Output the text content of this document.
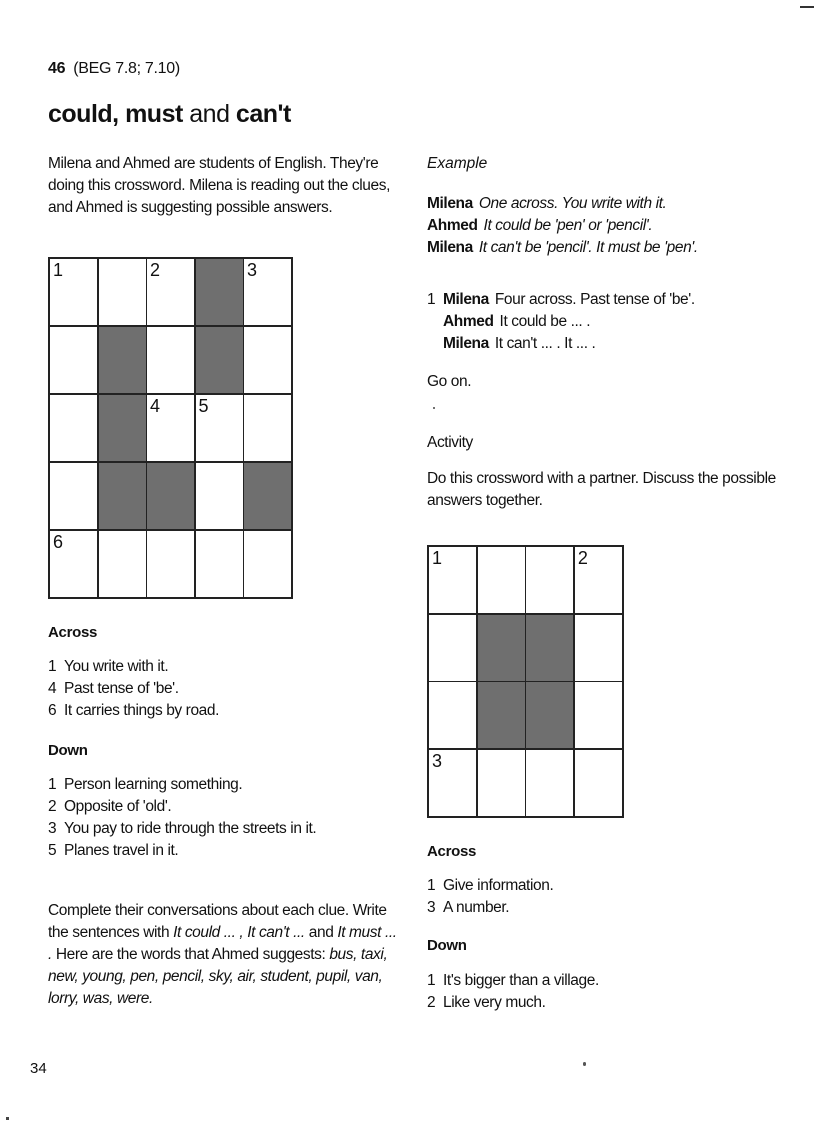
46 (BEG 7.8; 7.10)
could, must and can't
Milena and Ahmed are students of English. They're doing this crossword. Milena is reading out the clues, and Ahmed is suggesting possible answers.
1	2	3
4 5
6
Across
1 You write with it.
4 Past tense of 'be'.
6 It carries things by road.
Down
1 Person learning something.
2 Opposite of 'old'.
3 You pay to ride through the streets in it.
5 Planes travel in it.
Complete their conversations about each clue. Write the sentences with It could ... , It can't ... and It must ... . Here are the words that Ahmed suggests: bus, taxi, new, young, pen, pencil, sky, air, student, pupil, van, lorry, was, were.
Example
Milena One across. You write with it.
Ahmed It could be 'pen' or 'pencil'.
Milena It can't be 'pencil'. It must be 'pen'.
1 Milena Four across. Past tense of 'be'.
Ahmed It could be ... .
Milena It can't ... . It ... .
Go on.
Activity
Do this crossword with a partner. Discuss the possible answers together.
1	2
3
Across
1 Give information.
3 A number.
Down
1 It's bigger than a village.
2 Like very much.
34
